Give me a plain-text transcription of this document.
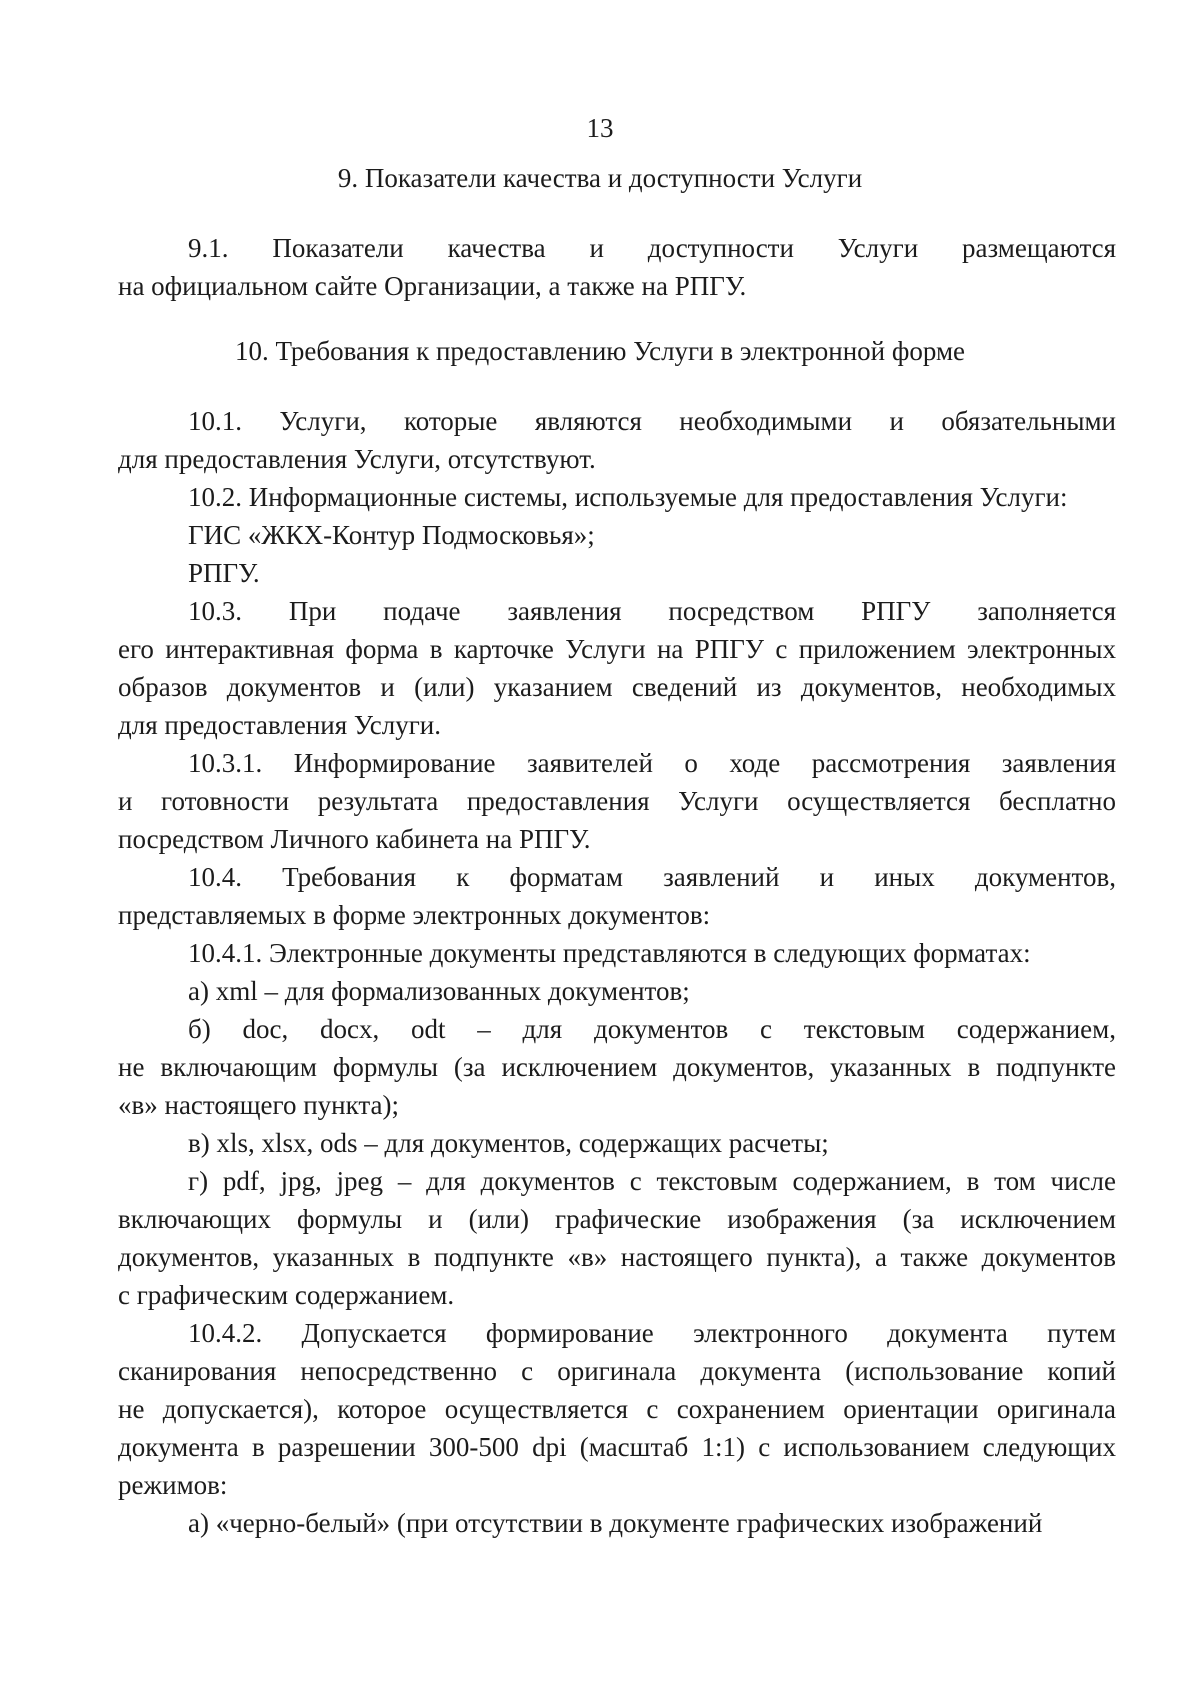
13
9. Показатели качества и доступности Услуги
9.1. Показатели качества и доступности Услуги размещаются
на официальном сайте Организации, а также на РПГУ.
10. Требования к предоставлению Услуги в электронной форме
10.1. Услуги, которые являются необходимыми и обязательными
для предоставления Услуги, отсутствуют.
10.2. Информационные системы, используемые для предоставления Услуги:
ГИС «ЖКХ-Контур Подмосковья»;
РПГУ.
10.3. При подаче заявления посредством РПГУ заполняется
его интерактивная форма в карточке Услуги на РПГУ с приложением электронных
образов документов и (или) указанием сведений из документов, необходимых
для предоставления Услуги.
10.3.1. Информирование заявителей о ходе рассмотрения заявления
и готовности результата предоставления Услуги осуществляется бесплатно
посредством Личного кабинета на РПГУ.
10.4. Требования к форматам заявлений и иных документов,
представляемых в форме электронных документов:
10.4.1. Электронные документы представляются в следующих форматах:
а) xml – для формализованных документов;
б) doc, docx, odt – для документов с текстовым содержанием,
не включающим формулы (за исключением документов, указанных в подпункте
«в» настоящего пункта);
в) xls, xlsx, ods – для документов, содержащих расчеты;
г) pdf, jpg, jpeg – для документов с текстовым содержанием, в том числе
включающих формулы и (или) графические изображения (за исключением
документов, указанных в подпункте «в» настоящего пункта), а также документов
с графическим содержанием.
10.4.2. Допускается формирование электронного документа путем
сканирования непосредственно с оригинала документа (использование копий
не допускается), которое осуществляется с сохранением ориентации оригинала
документа в разрешении 300-500 dpi (масштаб 1:1) с использованием следующих
режимов:
а) «черно-белый» (при отсутствии в документе графических изображений
